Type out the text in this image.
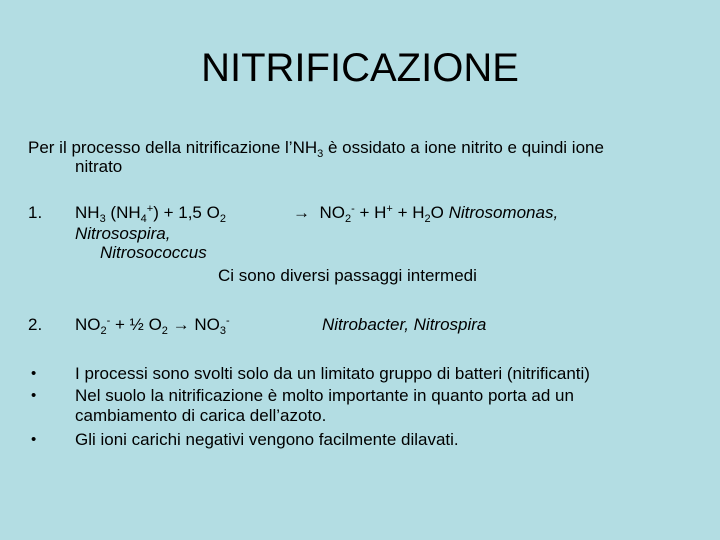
NITRIFICAZIONE
Per il processo della nitrificazione $l’NH_3$ è ossidato a ione nitrito e quindi ione
nitrato
1. $NH_3$ $(NH_4^+) + 1,5$ $O_2$	→ $NO_2^- + H^+ + H_2O$ Nitrosomonas,
Nitrosospira,
Nitrosococcus
Ci sono diversi passaggi intermedi
2. $NO_2^-$ + ½ $O_2 \to NO_3^-$	Nitrobacter, Nitrospira
• I processi sono svolti solo da un limitato gruppo di batteri (nitrificanti)
• Nel suolo la nitrificazione è molto importante in quanto porta ad un
cambiamento di carica dell’azoto.
• Gli ioni carichi negativi vengono facilmente dilavati.
